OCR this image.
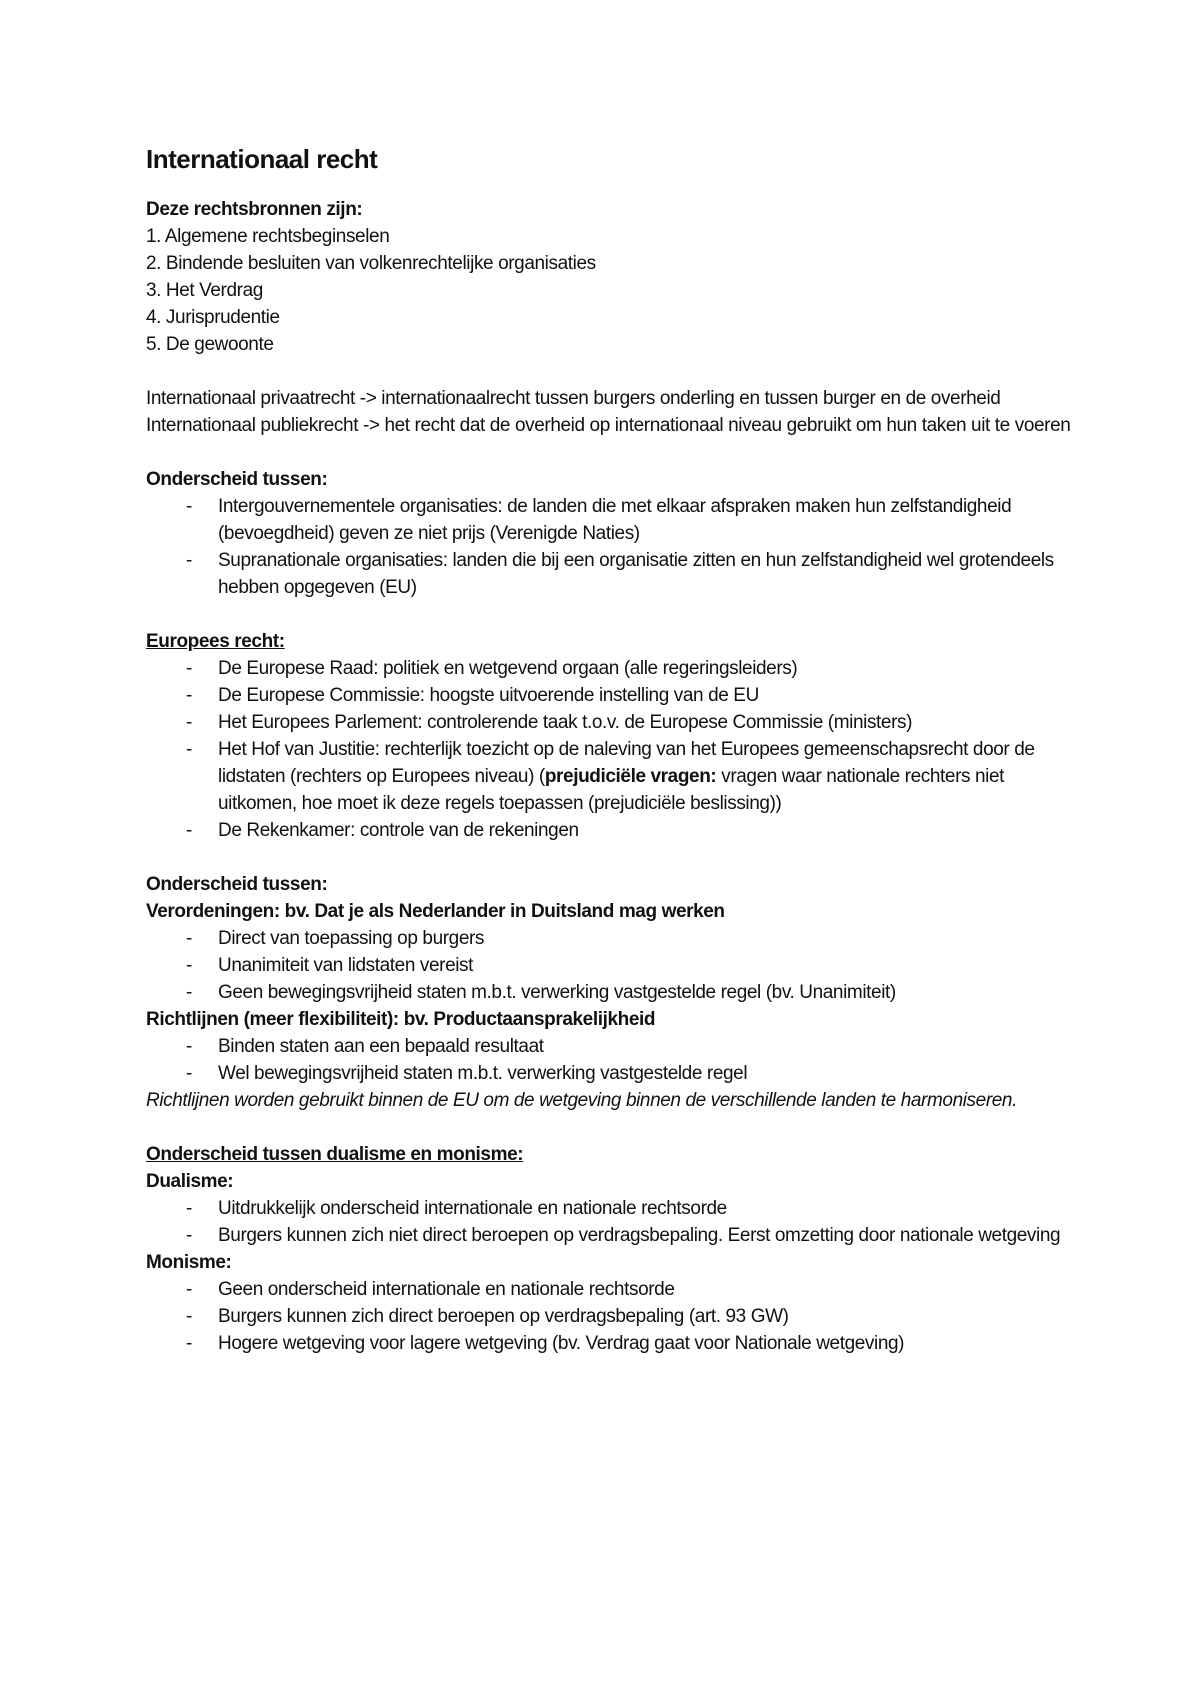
Internationaal recht

Deze rechtsbronnen zijn:

1. Algemene rechtsbeginselen

2. Bindende besluiten van volkenrechtelijke organisaties

3. Het Verdrag

4. Jurisprudentie

5. De gewoonte

Internationaal privaatrecht -> internationaalrecht tussen burgers onderling en tussen burger en de overheid

Internationaal publiekrecht -> het recht dat de overheid op internationaal niveau gebruikt om hun taken uit te voeren

Onderscheid tussen:

- Intergouvernementele organisaties: de landen die met elkaar afspraken maken hun zelfstandigheid (bevoegdheid) geven ze niet prijs (Verenigde Naties)
- Supranationale organisaties: landen die bij een organisatie zitten en hun zelfstandigheid wel grotendeels hebben opgegeven (EU)

Europees recht:

- De Europese Raad: politiek en wetgevend orgaan (alle regeringsleiders)
- De Europese Commissie: hoogste uitvoerende instelling van de EU
- Het Europees Parlement: controlerende taak t.o.v. de Europese Commissie (ministers)
- Het Hof van Justitie: rechterlijk toezicht op de naleving van het Europees gemeenschapsrecht door de lidstaten (rechters op Europees niveau) (prejudiciële vragen: vragen waar nationale rechters niet uitkomen, hoe moet ik deze regels toepassen (prejudiciële beslissing))
- De Rekenkamer: controle van de rekeningen

Onderscheid tussen:

Verordeningen: bv. Dat je als Nederlander in Duitsland mag werken

- Direct van toepassing op burgers
- Unanimiteit van lidstaten vereist
- Geen bewegingsvrijheid staten m.b.t. verwerking vastgestelde regel (bv. Unanimiteit)

Richtlijnen (meer flexibiliteit): bv. Productaansprakelijkheid

- Binden staten aan een bepaald resultaat
- Wel bewegingsvrijheid staten m.b.t. verwerking vastgestelde regel

Richtlijnen worden gebruikt binnen de EU om de wetgeving binnen de verschillende landen te harmoniseren.

Onderscheid tussen dualisme en monisme:

Dualisme:

- Uitdrukkelijk onderscheid internationale en nationale rechtsorde
- Burgers kunnen zich niet direct beroepen op verdragsbepaling. Eerst omzetting door nationale wetgeving

Monisme:

- Geen onderscheid internationale en nationale rechtsorde
- Burgers kunnen zich direct beroepen op verdragsbepaling (art. 93 GW)
- Hogere wetgeving voor lagere wetgeving (bv. Verdrag gaat voor Nationale wetgeving)
